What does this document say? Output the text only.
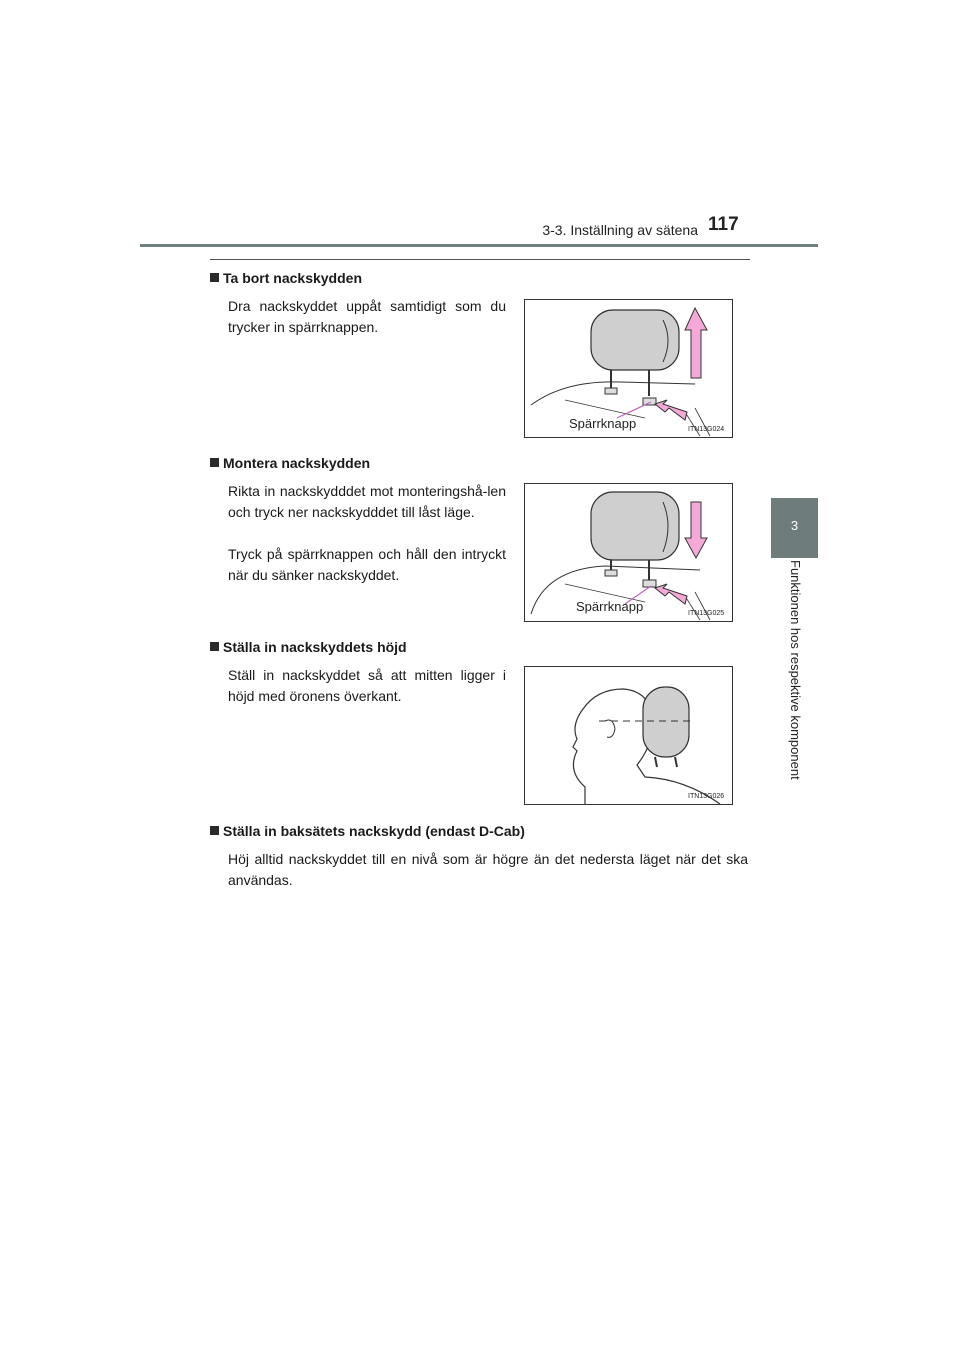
3-3. Inställning av sätena 117
3
Funktionen hos respektive komponent
Ta bort nackskydden
Dra nackskyddet uppåt samtidigt som du trycker in spärrknappen.
Spärrknapp	ITN13G024
Montera nackskydden
Rikta in nackskydddet mot monteringshå-len och tryck ner nackskydddet till låst läge.
Tryck på spärrknappen och håll den intryckt när du sänker nackskyddet.
Spärrknapp	ITN13G025
Ställa in nackskyddets höjd
Ställ in nackskyddet så att mitten ligger i höjd med öronens överkant.
ITN13G026
Ställa in baksätets nackskydd (endast D-Cab)
Höj alltid nackskyddet till en nivå som är högre än det nedersta läget när det ska användas.
